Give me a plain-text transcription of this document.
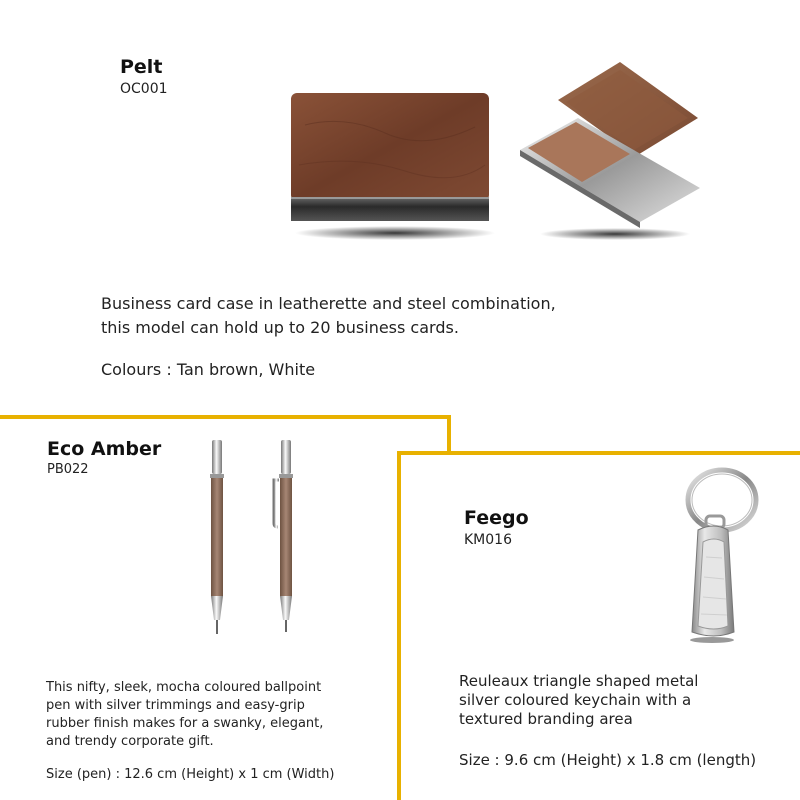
Pelt
OC001
Business card case in leatherette and steel combination,
this model can hold up to 20 business cards.
Colours : Tan brown, White
Eco Amber
PB022
This nifty, sleek, mocha coloured ballpoint
pen with silver trimmings and easy-grip
rubber finish makes for a swanky, elegant,
and trendy corporate gift.
Size (pen) : 12.6 cm (Height) x 1 cm (Width)
Feego
KM016
Reuleaux triangle shaped metal
silver coloured keychain with a
textured branding area
Size : 9.6 cm (Height) x 1.8 cm (length)
